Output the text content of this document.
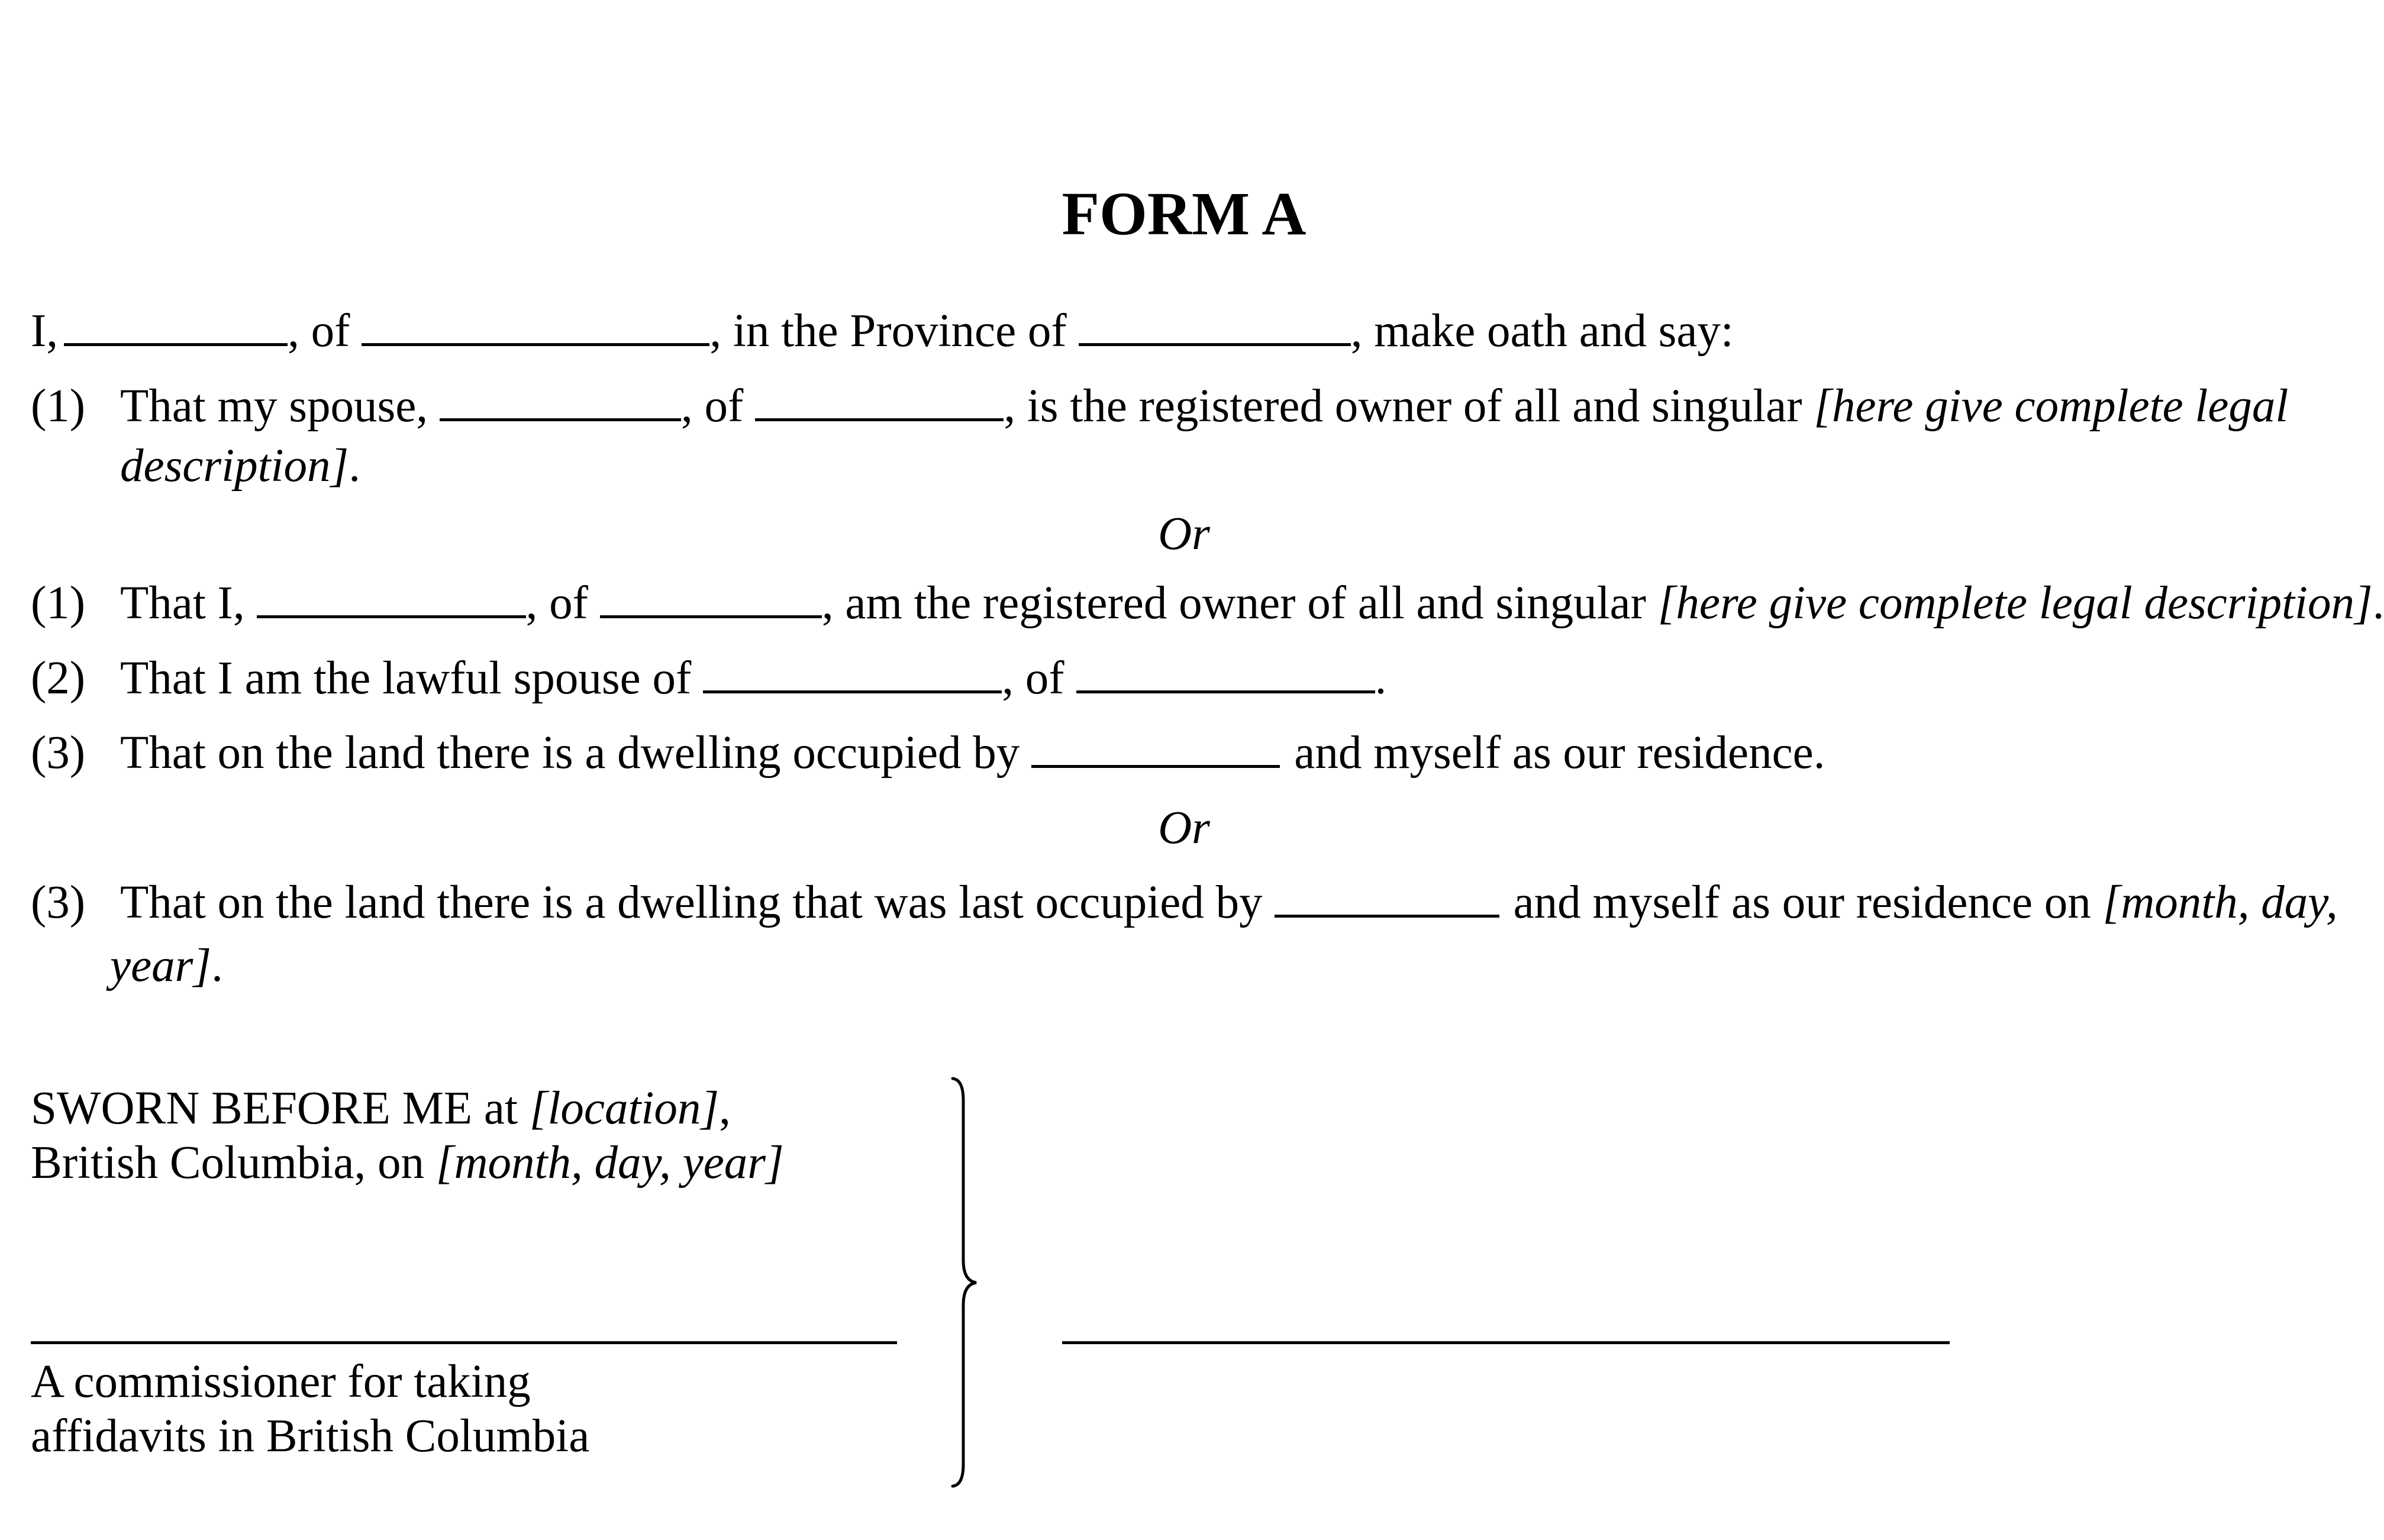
FORM A
I,	, of	, in the Province of	, make oath and say:
(1) That my spouse,	, of	, is the registered owner of all and singular [here give complete legal
description].
Or
(1) That I,	, of	, am the registered owner of all and singular [here give complete legal description].
(2) That I am the lawful spouse of	, of	.
(3) That on the land there is a dwelling occupied by	and myself as our residence.
Or
(3) That on the land there is a dwelling that was last occupied by	and myself as our residence on [month, day,
year].
SWORN BEFORE ME at [location],
British Columbia, on [month, day, year]
A commissioner for taking
affidavits in British Columbia
